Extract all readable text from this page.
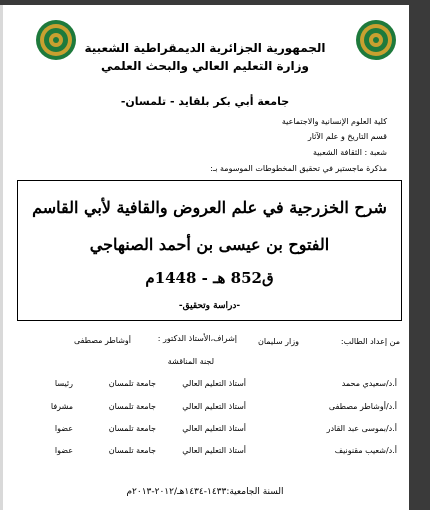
الجمهورية الجزائرية الديمقراطية الشعبية
وزارة التعليم العالي والبحث العلمي
جامعة أبي بكر بلقايد - تلمسان-
كلية العلوم الإنسانية والاجتماعية
قسم التاريخ و علم الآثار
شعبة : الثقافة الشعبية
مذكرة ماجستير في تحقيق المخطوطات الموسومة بـ:
شرح الخزرجية في علم العروض والقافية لأبي القاسم
الفتوح بن عيسى بن أحمد الصنهاجي
ق852 هـ - 1448م
-دراسة وتحقيق-
من إعداد الطالب:
وزار سليمان
إشراف،الأستاذ الدكتور :
أوشاطر مصطفى
لجنة المناقشة
أ.د/سعيدي محمد
أستاذ التعليم العالي
جامعة تلمسان
رئيسا
أ.د/أوشاطر مصطفى
أستاذ التعليم العالي
جامعة تلمسان
مشرفا
أ.د/بموسى عبد القادر
أستاذ التعليم العالي
جامعة تلمسان
عضوا
أ.د/شعيب مقنونيف
أستاذ التعليم العالي
جامعة تلمسان
عضوا
السنة الجامعية:١٤٣٣-١٤٣٤هـ/٢٠١٢-٢٠١٣م
